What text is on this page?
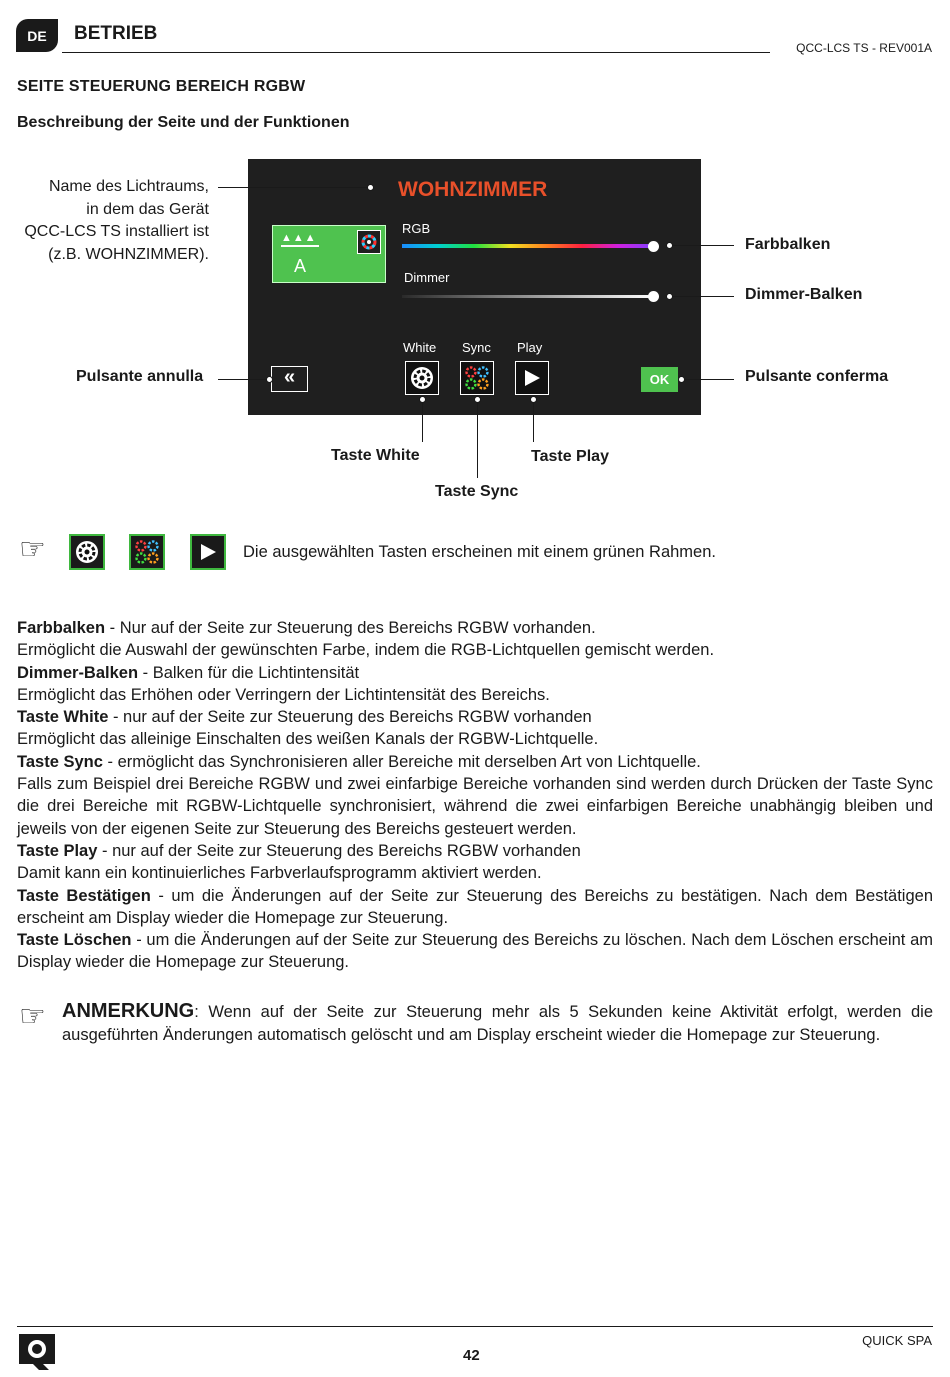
DE	BETRIEB
QCC-LCS TS - REV001A
SEITE STEUERUNG BEREICH RGBW
Beschreibung der Seite und der Funktionen
WOHNZIMMER
▲▲▲
A
RGB
Dimmer
White Sync Play
«	OK
Name des Lichtraums,
in dem das Gerät
QCC-LCS TS installiert ist
(z.B. WOHNZIMMER).
Farbbalken
Dimmer-Balken
Pulsante annulla	Pulsante conferma
Taste White
Taste Sync
Taste Play
☞	Die ausgewählten Tasten erscheinen mit einem grünen Rahmen.

Farbbalken - Nur auf der Seite zur Steuerung des Bereichs RGBW vorhanden.

Ermöglicht die Auswahl der gewünschten Farbe, indem die RGB-Lichtquellen gemischt werden.

Dimmer-Balken - Balken für die Lichtintensität

Ermöglicht das Erhöhen oder Verringern der Lichtintensität des Bereichs.

Taste White - nur auf der Seite zur Steuerung des Bereichs RGBW vorhanden

Ermöglicht das alleinige Einschalten des weißen Kanals der RGBW-Lichtquelle.

Taste Sync - ermöglicht das Synchronisieren aller Bereiche mit derselben Art von Lichtquelle.

Falls zum Beispiel drei Bereiche RGBW und zwei einfarbige Bereiche vorhanden sind werden durch Drücken der Taste Sync die drei Bereiche mit RGBW-Lichtquelle synchronisiert, während die zwei einfarbigen Bereiche unabhängig bleiben und jeweils von der eigenen Seite zur Steuerung des Bereichs gesteuert werden.

Taste Play - nur auf der Seite zur Steuerung des Bereichs RGBW vorhanden

Damit kann ein kontinuierliches Farbverlaufsprogramm aktiviert werden.

Taste Bestätigen - um die Änderungen auf der Seite zur Steuerung des Bereichs zu bestätigen. Nach dem Bestätigen erscheint am Display wieder die Homepage zur Steuerung.

Taste Löschen - um die Änderungen auf der Seite zur Steuerung des Bereichs zu löschen. Nach dem Löschen erscheint am Display wieder die Homepage zur Steuerung.

☞ ANMERKUNG: Wenn auf der Seite zur Steuerung mehr als 5 Sekunden keine Aktivität erfolgt, werden die ausgeführten Änderungen automatisch gelöscht und am Display erscheint wieder die Homepage zur Steuerung.
QUICK SPA
42
